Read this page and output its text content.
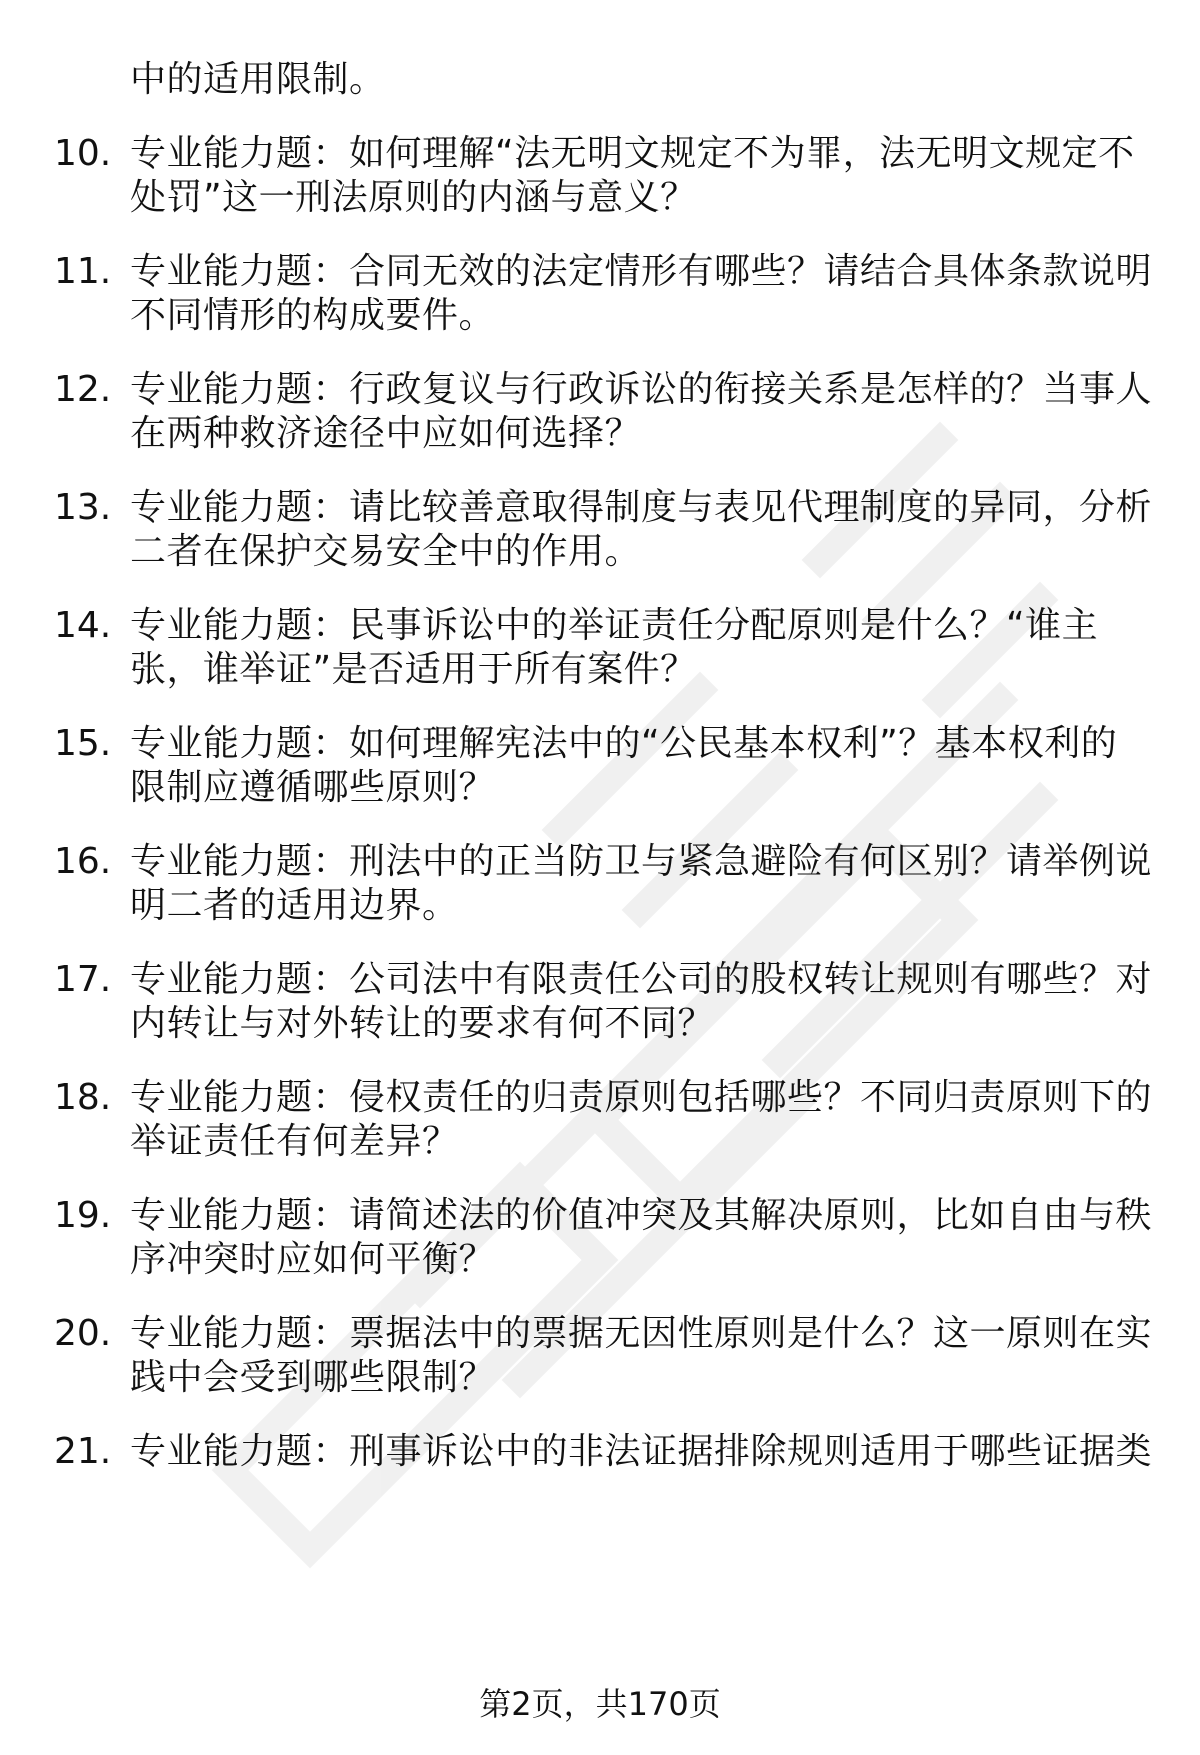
中的适用限制。
10. 专业能力题：如何理解“法无明文规定不为罪，法无明文规定不
处罚”这一刑法原则的内涵与意义？
11. 专业能力题：合同无效的法定情形有哪些？请结合具体条款说明
不同情形的构成要件。
12. 专业能力题：行政复议与行政诉讼的衔接关系是怎样的？当事人
在两种救济途径中应如何选择？
13. 专业能力题：请比较善意取得制度与表见代理制度的异同，分析
二者在保护交易安全中的作用。
14. 专业能力题：民事诉讼中的举证责任分配原则是什么？“谁主
张，谁举证”是否适用于所有案件？
15. 专业能力题：如何理解宪法中的“公民基本权利”？基本权利的
限制应遵循哪些原则？
16. 专业能力题：刑法中的正当防卫与紧急避险有何区别？请举例说
明二者的适用边界。
17. 专业能力题：公司法中有限责任公司的股权转让规则有哪些？对
内转让与对外转让的要求有何不同？
18. 专业能力题：侵权责任的归责原则包括哪些？不同归责原则下的
举证责任有何差异？
19. 专业能力题：请简述法的价值冲突及其解决原则，比如自由与秩
序冲突时应如何平衡？
20. 专业能力题：票据法中的票据无因性原则是什么？这一原则在实
践中会受到哪些限制？
21. 专业能力题：刑事诉讼中的非法证据排除规则适用于哪些证据类
第2页，共170页
